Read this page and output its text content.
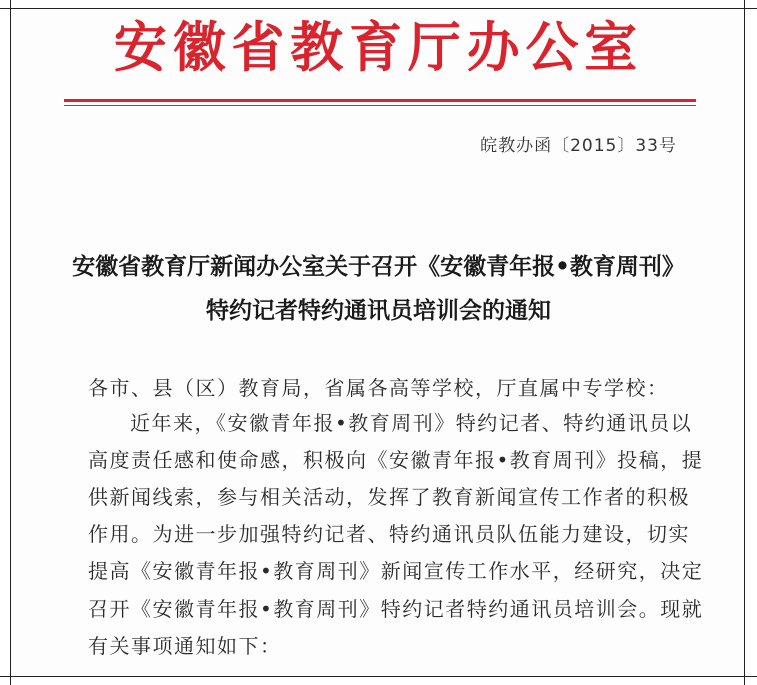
安徽省教育厅办公室
皖教办函〔2015〕33号
安徽省教育厅新闻办公室关于召开《安徽青年报•教育周刊》
特约记者特约通讯员培训会的通知
各市、县（区）教育局，省属各高等学校，厅直属中专学校：
近年来，《安徽青年报•教育周刊》特约记者、特约通讯员以
高度责任感和使命感，积极向《安徽青年报•教育周刊》投稿，提
供新闻线索，参与相关活动，发挥了教育新闻宣传工作者的积极
作用。为进一步加强特约记者、特约通讯员队伍能力建设，切实
提高《安徽青年报•教育周刊》新闻宣传工作水平，经研究，决定
召开《安徽青年报•教育周刊》特约记者特约通讯员培训会。现就
有关事项通知如下：
